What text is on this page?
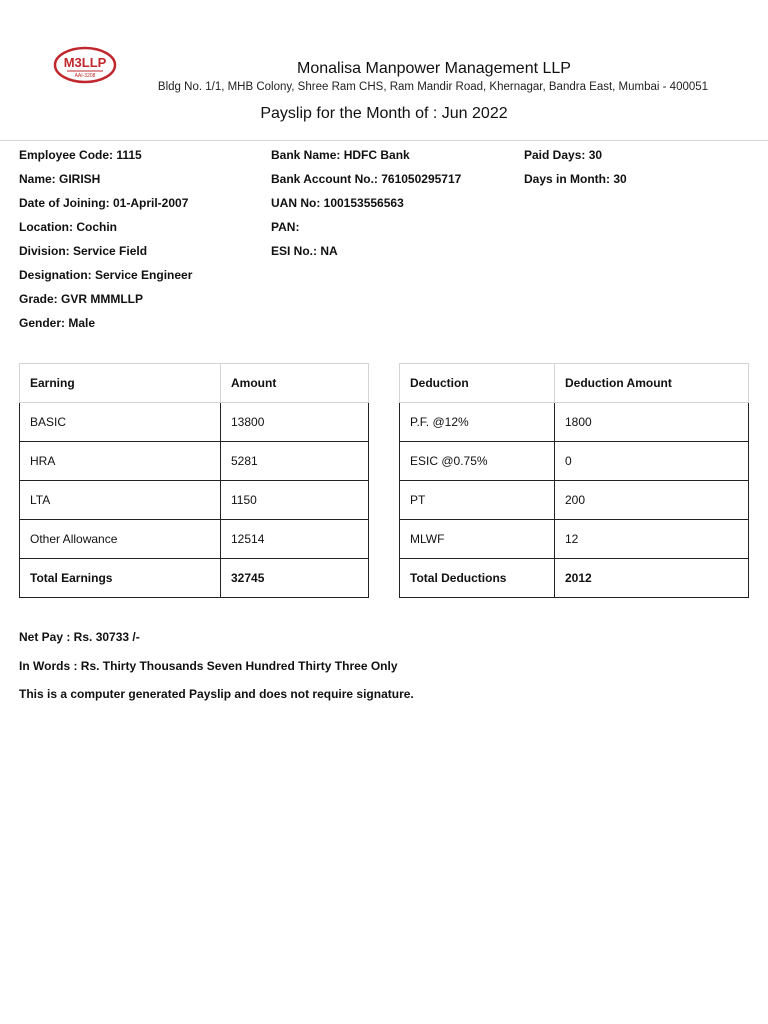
M3LLP
AAI-3208	Monalisa Manpower Management LLP
Bldg No. 1/1, MHB Colony, Shree Ram CHS, Ram Mandir Road, Khernagar, Bandra East, Mumbai - 400051
Payslip for the Month of : Jun 2022
Employee Code: 1115
Name: GIRISH
Date of Joining: 01-April-2007
Location: Cochin
Division: Service Field
Designation: Service Engineer
Grade: GVR MMMLLP
Gender: Male
Bank Name: HDFC Bank
Bank Account No.: 761050295717
UAN No: 100153556563
PAN:
ESI No.: NA
Paid Days: 30
Days in Month: 30
Earning	Amount
BASIC	13800
HRA	5281
LTA	1150
Other Allowance	12514
Total Earnings	32745
Deduction	Deduction Amount
P.F. @12%	1800
ESIC @0.75%	0
PT	200
MLWF	12
Total Deductions	2012
Net Pay : Rs. 30733 /-
In Words : Rs. Thirty Thousands Seven Hundred Thirty Three Only
This is a computer generated Payslip and does not require signature.
